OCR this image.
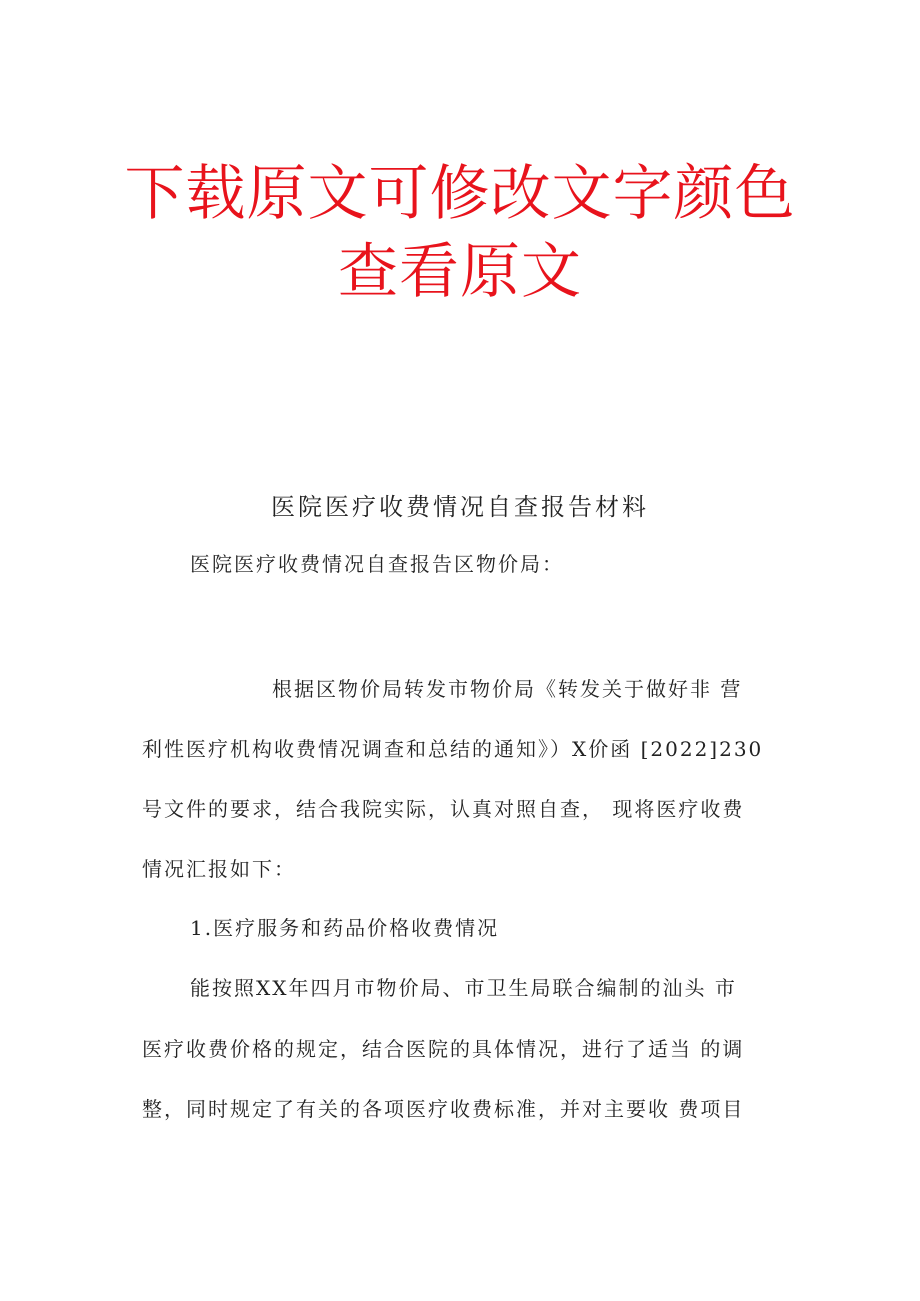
下载原文可修改文字颜色
查看原文
医院医疗收费情况自查报告材料
医院医疗收费情况自查报告区物价局：
根据区物价局转发市物价局《转发关于做好非 营
利性医疗机构收费情况调查和总结的通知》）X价函 [2022]230
号文件的要求，结合我院实际，认真对照自查， 现将医疗收费
情况汇报如下：
1.医疗服务和药品价格收费情况
能按照XX年四月市物价局、市卫生局联合编制的汕头 市
医疗收费价格的规定，结合医院的具体情况，进行了适当 的调
整，同时规定了有关的各项医疗收费标准，并对主要收 费项目
